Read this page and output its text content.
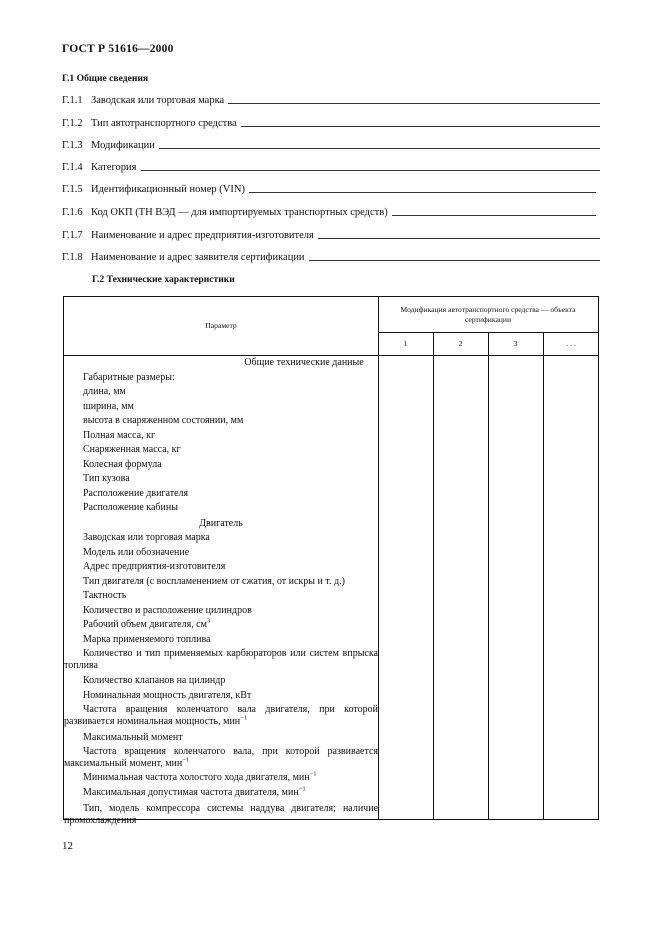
ГОСТ Р 51616—2000
Г.1 Общие сведения
Г.1.1 Заводская или торговая марка
Г.1.2 Тип автотранспортного средства
Г.1.3 Модификации
Г.1.4 Категория
Г.1.5 Идентификационный номер (VIN)
Г.1.6 Код ОКП (ТН ВЭД — для импортируемых транспортных средств)
Г.1.7 Наименование и адрес предприятия-изготовителя
Г.1.8 Наименование и адрес заявителя сертификации
Г.2 Технические характеристики
Параметр
Модификация автотранспортного средства — объекта сертификации
1	2	3	. . .
Общие технические данные
Габаритные размеры:
длина, мм
ширина, мм
высота в снаряженном состоянии, мм
Полная масса, кг
Снаряженная масса, кг
Колесная формула
Тип кузова
Расположение двигателя
Расположение кабины
Двигатель
Заводская или торговая марка
Модель или обозначение
Адрес предприятия-изготовителя
Тип двигателя (с воспламенением от сжатия, от искры и т. д.)
Тактность
Количество и расположение цилиндров
Рабочий объем двигателя, $см^3$
Марка применяемого топлива
Количество и тип применяемых карбюраторов или систем впрыска топлива
Количество клапанов на цилиндр
Номинальная мощность двигателя, кВт
Частота вращения коленчатого вала двигателя, при которой развивается номинальная мощность, мин$^{-1}$
Максимальный момент
Частота вращения коленчатого вала, при которой развивается максимальный момент, мин$^{-1}$
Минимальная частота холостого хода двигателя, мин$^{-1}$
Максимальная допустимая частота двигателя, мин$^{-1}$
Тип, модель компрессора системы наддува двигателя; наличие промохлаждения
12
